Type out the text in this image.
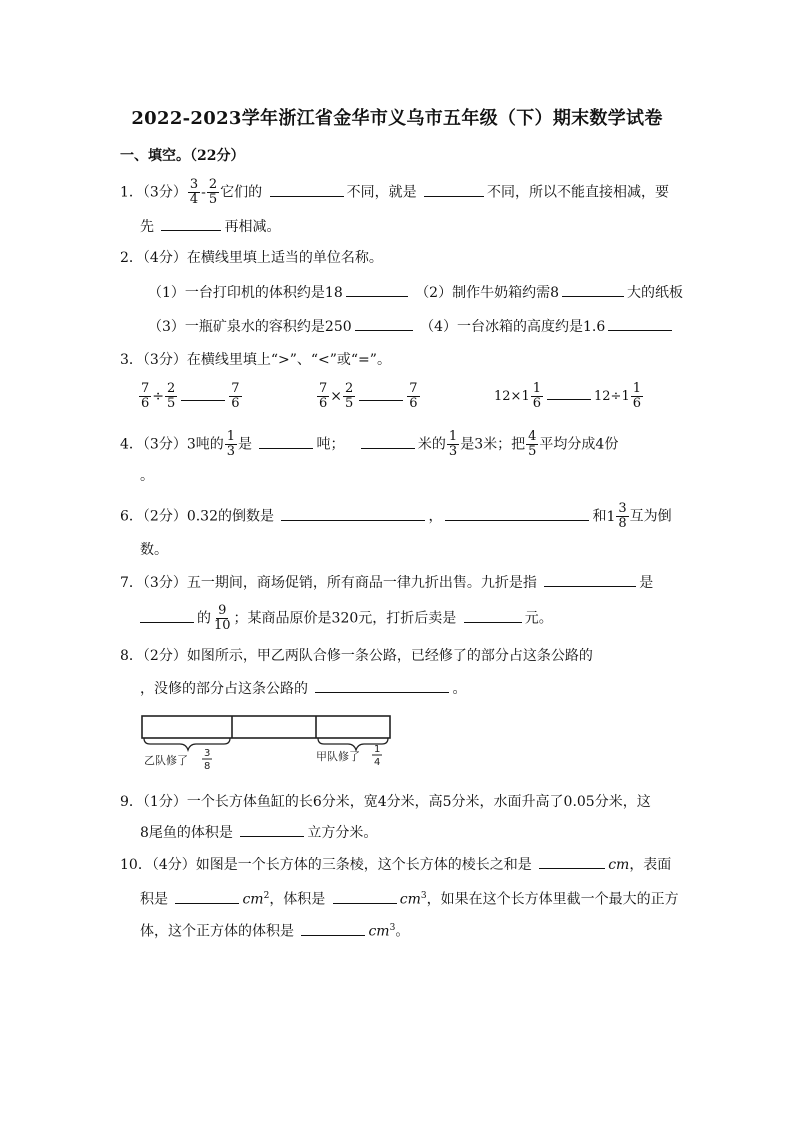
2022-2023学年浙江省金华市义乌市五年级（下）期末数学试卷
一、填空。（22分）
1．（3分） $\frac{3}{4} - \frac{2}{5}$ 它们的	不同，就是	不同，所以不能直接相减，要
先	再相减。
2．（4分）在横线里填上适当的单位名称。
（1）一台打印机的体积约是18	（2）制作牛奶箱约需8	大的纸板
（3）一瓶矿泉水的容积约是250	（4）一台冰箱的高度约是1.6
3．（3分）在横线里填上“>”、“<”或“=”。
$\frac{7}{6} \div \frac{2}{5}$	$\frac{7}{6}$	$\frac{7}{6} \times \frac{2}{5}$	$\frac{7}{6}$	$12\times 1 \frac{1}{6}$	$12\div 1 \frac{1}{6}$
4．（3分）3吨的 $\frac{1}{3}$ 是	吨；	米的 $\frac{1}{3}$ 是3米；把 $\frac{4}{5}$ 平均分成4份
。
6．（2分）0.32的倒数是	，	和 $1 \frac{3}{8}$ 互为倒
数。
7．（3分）五一期间，商场促销，所有商品一律九折出售。九折是指	是
的 $\frac{9}{10}$ ；某商品原价是320元，打折后卖是	元。
8．（2分）如图所示，甲乙两队合修一条公路，已经修了的部分占这条公路的
，没修的部分占这条公路的	。
乙队修了
3
8
甲队修了
1
4
9．（1分）一个长方体鱼缸的长6分米，宽4分米，高5分米，水面升高了0.05分米，这
8尾鱼的体积是	立方分米。
10．（4分）如图是一个长方体的三条棱，这个长方体的棱长之和是	cm，表面
积是	$cm^2$，体积是	$cm^3$，如果在这个长方体里截一个最大的正方
体，这个正方体的体积是	$cm^3$。
